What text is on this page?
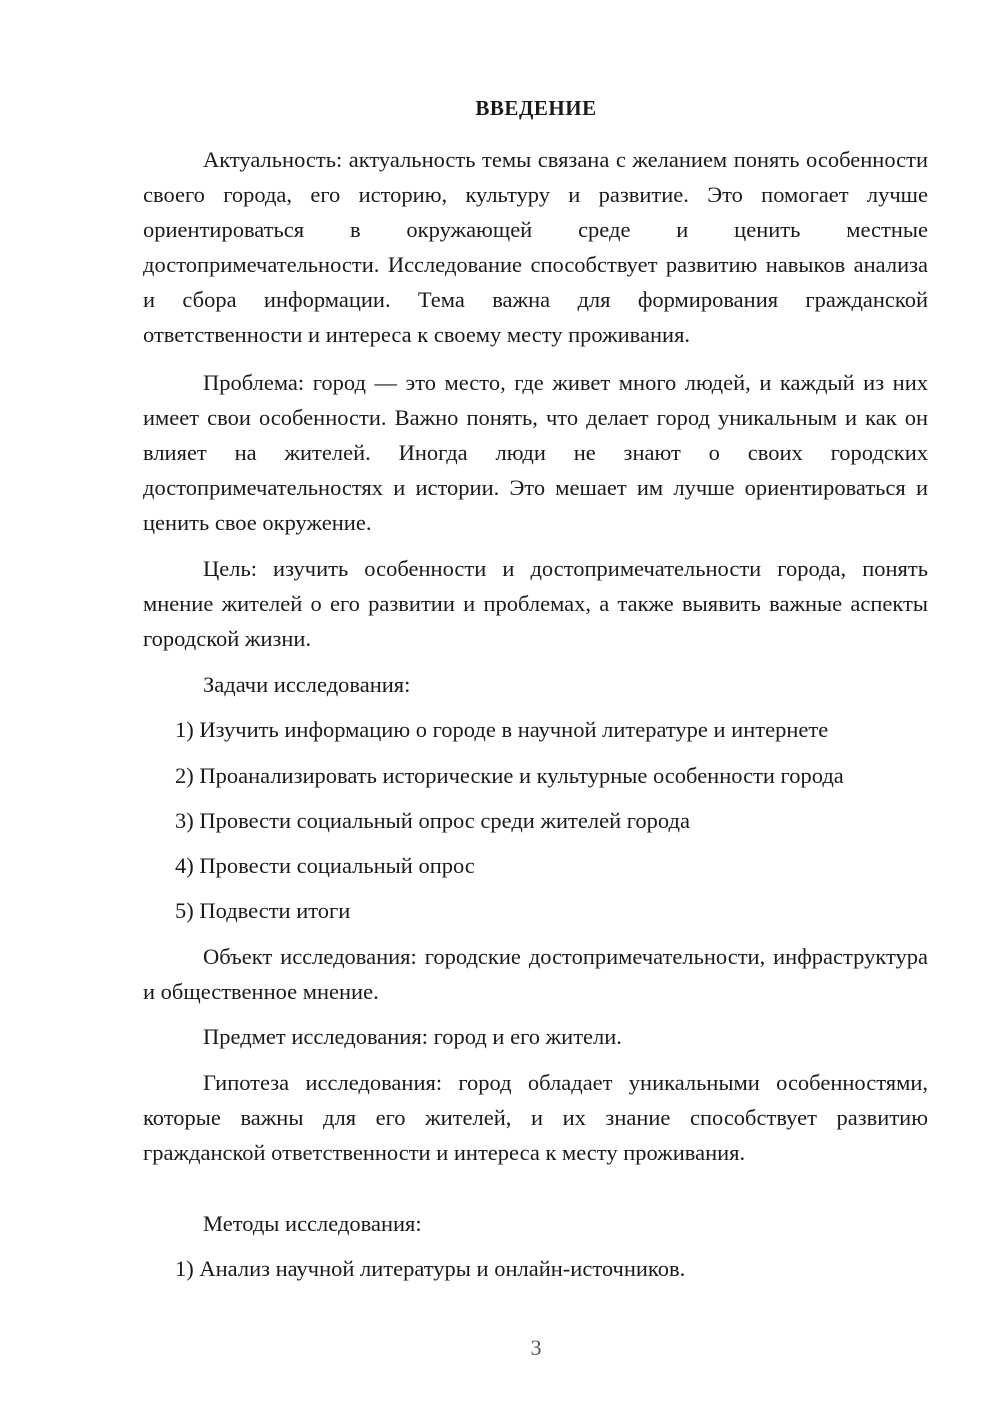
ВВЕДЕНИЕ

Актуальность: актуальность темы связана с желанием понять особенности своего города, его историю, культуру и развитие. Это помогает лучше ориентироваться в окружающей среде и ценить местные достопримечательности. Исследование способствует развитию навыков анализа и сбора информации. Тема важна для формирования гражданской ответственности и интереса к своему месту проживания.

Проблема: город — это место, где живет много людей, и каждый из них имеет свои особенности. Важно понять, что делает город уникальным и как он влияет на жителей. Иногда люди не знают о своих городских достопримечательностях и истории. Это мешает им лучше ориентироваться и ценить свое окружение.

Цель: изучить особенности и достопримечательности города, понять мнение жителей о его развитии и проблемах, а также выявить важные аспекты городской жизни.

Задачи исследования:

1) Изучить информацию о городе в научной литературе и интернете

2) Проанализировать исторические и культурные особенности города

3) Провести социальный опрос среди жителей города

4) Провести социальный опрос

5) Подвести итоги

Объект исследования: городские достопримечательности, инфраструктура и общественное мнение.

Предмет исследования: город и его жители.

Гипотеза исследования: город обладает уникальными особенностями, которые важны для его жителей, и их знание способствует развитию гражданской ответственности и интереса к месту проживания.

Методы исследования:

1) Анализ научной литературы и онлайн-источников.

3
